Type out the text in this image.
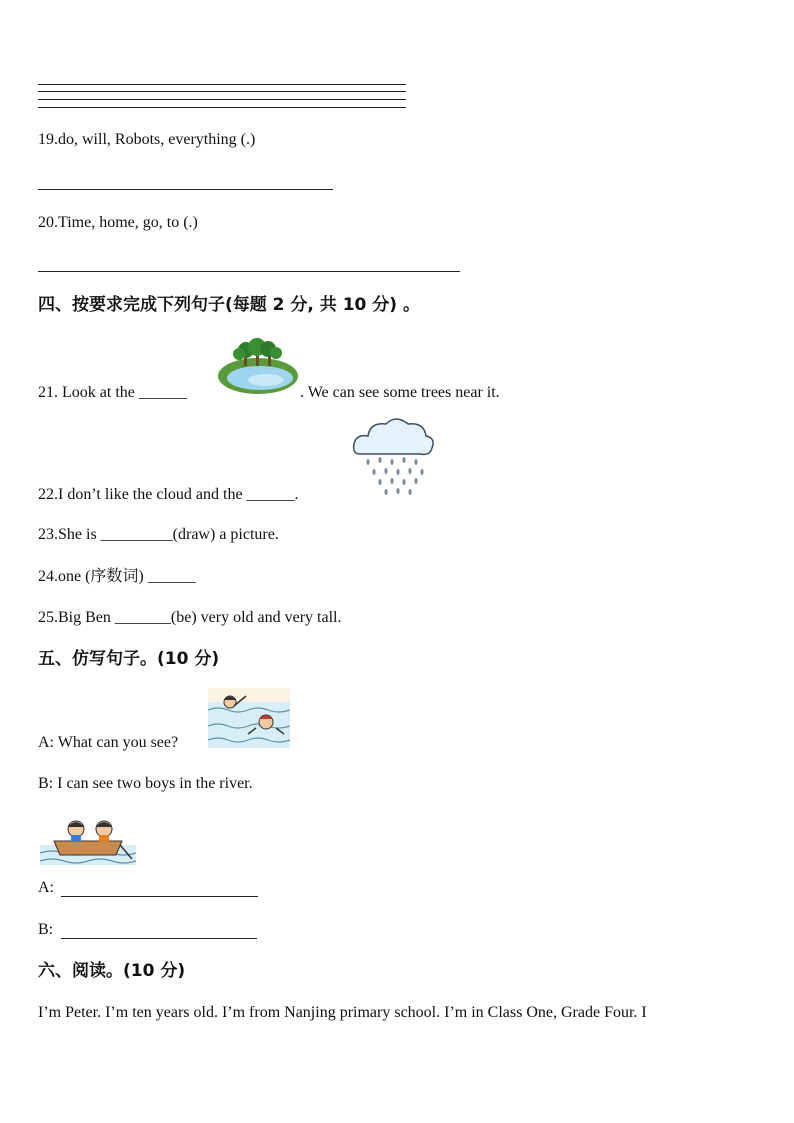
19.do, will, Robots, everything (.)
20.Time, home, go, to (.)
四、按要求完成下列句子(每题 2 分, 共 10 分) 。
21. Look at the ______	. We can see some trees near it.
22.I don’t like the cloud and the ______.
23.She is _________(draw) a picture.
24.one (序数词) ______
25.Big Ben _______(be) very old and very tall.
五、仿写句子。(10 分)
A: What can you see?
B: I can see two boys in the river.
A:
B:
六、阅读。(10 分)
I’m Peter. I’m ten years old. I’m from Nanjing primary school. I’m in Class One, Grade Four. I
